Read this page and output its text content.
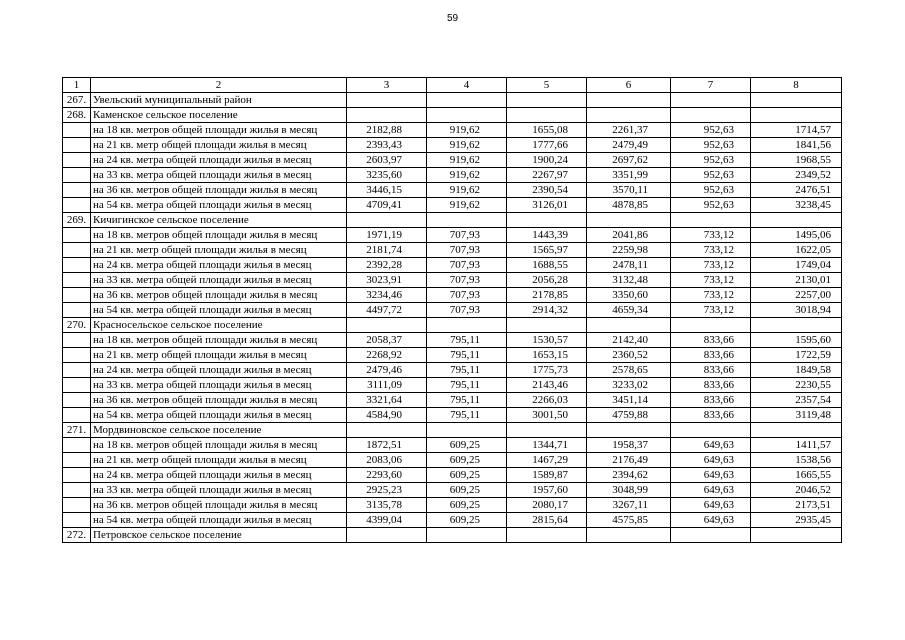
59
1	2	3	4	5	6	7	8
267.	Увельский муниципальный район						
268.	Каменское сельское поселение						
	на 18 кв. метров общей площади жилья в месяц	2182,88	919,62	1655,08	2261,37	952,63	1714,57
	на 21 кв. метр общей площади жилья в месяц	2393,43	919,62	1777,66	2479,49	952,63	1841,56
	на 24 кв. метра общей площади жилья в месяц	2603,97	919,62	1900,24	2697,62	952,63	1968,55
	на 33 кв. метра общей площади жилья в месяц	3235,60	919,62	2267,97	3351,99	952,63	2349,52
	на 36 кв. метров общей площади жилья в месяц	3446,15	919,62	2390,54	3570,11	952,63	2476,51
	на 54 кв. метра общей площади жилья в месяц	4709,41	919,62	3126,01	4878,85	952,63	3238,45
269.	Кичигинское сельское поселение						
	на 18 кв. метров общей площади жилья в месяц	1971,19	707,93	1443,39	2041,86	733,12	1495,06
	на 21 кв. метр общей площади жилья в месяц	2181,74	707,93	1565,97	2259,98	733,12	1622,05
	на 24 кв. метра общей площади жилья в месяц	2392,28	707,93	1688,55	2478,11	733,12	1749,04
	на 33 кв. метра общей площади жилья в месяц	3023,91	707,93	2056,28	3132,48	733,12	2130,01
	на 36 кв. метров общей площади жилья в месяц	3234,46	707,93	2178,85	3350,60	733,12	2257,00
	на 54 кв. метра общей площади жилья в месяц	4497,72	707,93	2914,32	4659,34	733,12	3018,94
270.	Красносельское сельское поселение						
	на 18 кв. метров общей площади жилья в месяц	2058,37	795,11	1530,57	2142,40	833,66	1595,60
	на 21 кв. метр общей площади жилья в месяц	2268,92	795,11	1653,15	2360,52	833,66	1722,59
	на 24 кв. метра общей площади жилья в месяц	2479,46	795,11	1775,73	2578,65	833,66	1849,58
	на 33 кв. метра общей площади жилья в месяц	3111,09	795,11	2143,46	3233,02	833,66	2230,55
	на 36 кв. метров общей площади жилья в месяц	3321,64	795,11	2266,03	3451,14	833,66	2357,54
	на 54 кв. метра общей площади жилья в месяц	4584,90	795,11	3001,50	4759,88	833,66	3119,48
271.	Мордвиновское сельское поселение						
	на 18 кв. метров общей площади жилья в месяц	1872,51	609,25	1344,71	1958,37	649,63	1411,57
	на 21 кв. метр общей площади жилья в месяц	2083,06	609,25	1467,29	2176,49	649,63	1538,56
	на 24 кв. метра общей площади жилья в месяц	2293,60	609,25	1589,87	2394,62	649,63	1665,55
	на 33 кв. метра общей площади жилья в месяц	2925,23	609,25	1957,60	3048,99	649,63	2046,52
	на 36 кв. метров общей площади жилья в месяц	3135,78	609,25	2080,17	3267,11	649,63	2173,51
	на 54 кв. метра общей площади жилья в месяц	4399,04	609,25	2815,64	4575,85	649,63	2935,45
272.	Петровское сельское поселение						
